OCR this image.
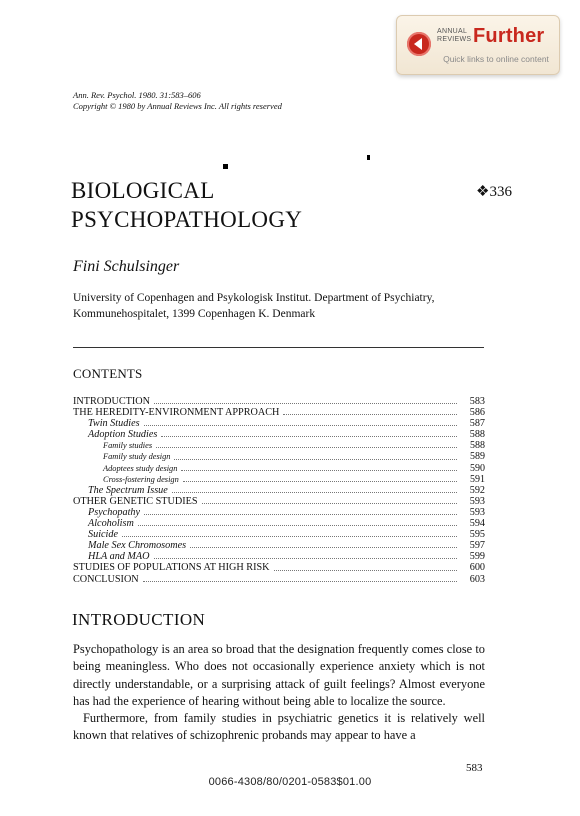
ANNUAL REVIEWS Further
Quick links to online content
Ann. Rev. Psychol. 1980. 31:583–606
Copyright © 1980 by Annual Reviews Inc. All rights reserved
BIOLOGICAL
PSYCHOPATHOLOGY
❖336
Fini Schulsinger
University of Copenhagen and Psykologisk Institut. Department of Psychiatry, Kommunehospitalet, 1399 Copenhagen K. Denmark
CONTENTS
INTRODUCTION	583
THE HEREDITY-ENVIRONMENT APPROACH	586
Twin Studies	587
Adoption Studies	588
Family studies	588
Family study design	589
Adoptees study design	590
Cross-fostering design	591
The Spectrum Issue	592
OTHER GENETIC STUDIES	593
Psychopathy	593
Alcoholism	594
Suicide	595
Male Sex Chromosomes	597
HLA and MAO	599
STUDIES OF POPULATIONS AT HIGH RISK	600
CONCLUSION	603
INTRODUCTION

Psychopathology is an area so broad that the designation frequently comes close to being meaningless. Who does not occasionally experience anxiety which is not directly understandable, or a surprising attack of guilt feelings? Almost everyone has had the experience of hearing without being able to localize the source.

Furthermore, from family studies in psychiatric genetics it is relatively well known that relatives of schizophrenic probands may appear to have a

583
0066-4308/80/0201-0583$01.00
